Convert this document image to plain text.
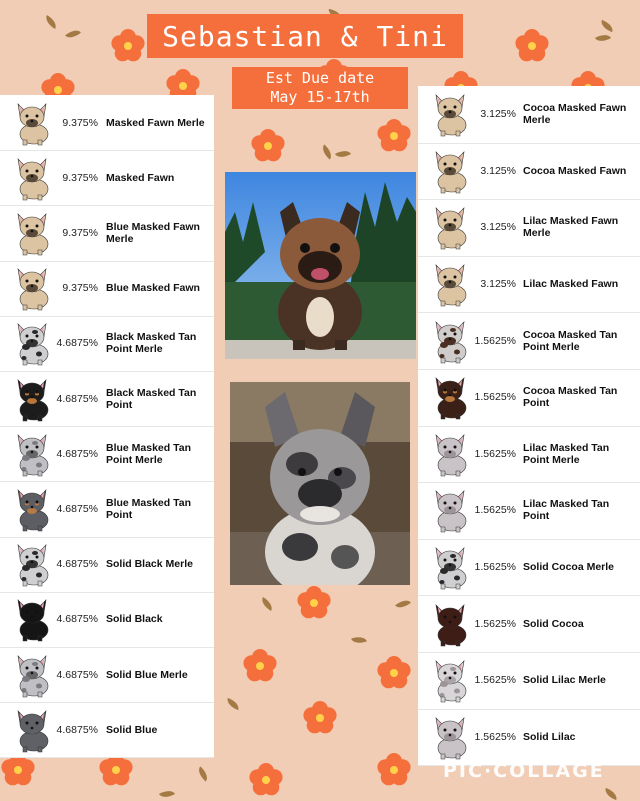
Sebastian & Tini
Est Due date
May 15-17th
9.375% Masked Fawn Merle
9.375% Masked Fawn
9.375% Blue Masked Fawn Merle
9.375% Blue Masked Fawn
4.6875% Black Masked Tan Point Merle
4.6875% Black Masked Tan Point
4.6875% Blue Masked Tan Point Merle
4.6875% Blue Masked Tan Point
4.6875% Solid Black Merle
4.6875% Solid Black
4.6875% Solid Blue Merle
4.6875% Solid Blue
3.125% Cocoa Masked Fawn Merle
3.125% Cocoa Masked Fawn
3.125% Lilac Masked Fawn Merle
3.125% Lilac Masked Fawn
1.5625% Cocoa Masked Tan Point Merle
1.5625% Cocoa Masked Tan Point
1.5625% Lilac Masked Tan Point Merle
1.5625% Lilac Masked Tan Point
1.5625% Solid Cocoa Merle
1.5625% Solid Cocoa
1.5625% Solid Lilac Merle
1.5625% Solid Lilac
PIC·COLLAGE
